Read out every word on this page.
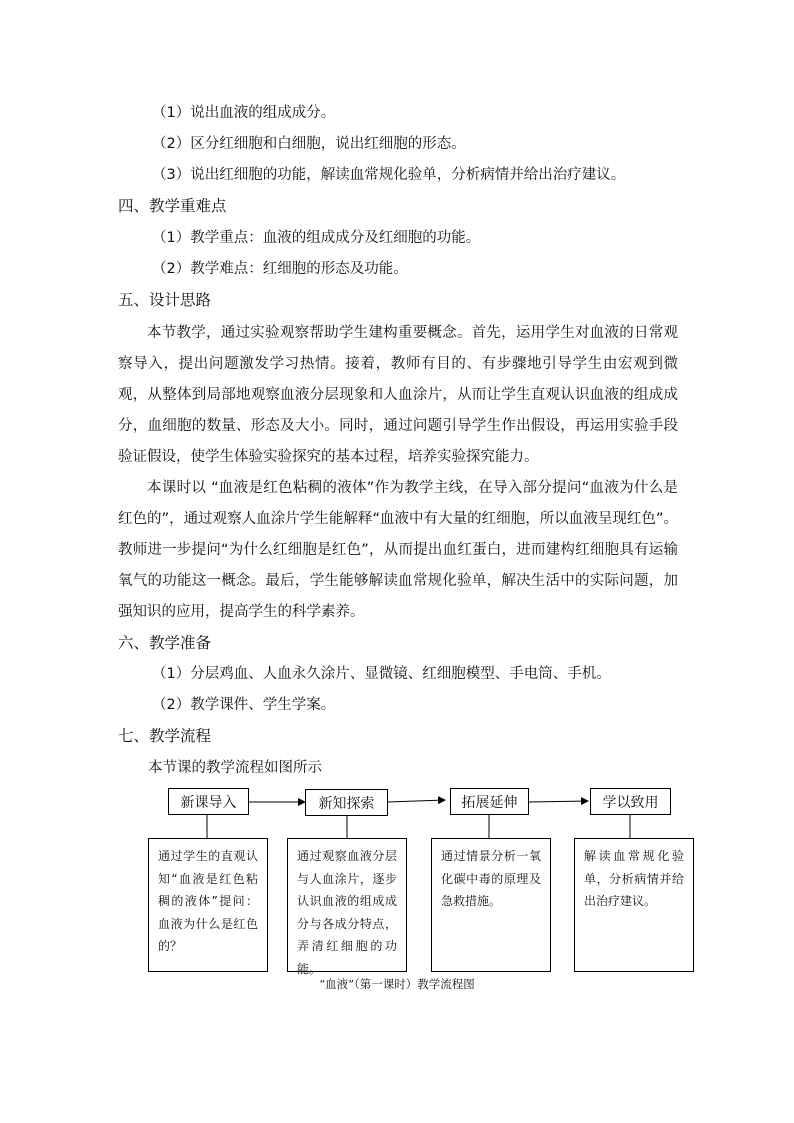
（1）说出血液的组成成分。
（2）区分红细胞和白细胞，说出红细胞的形态。
（3）说出红细胞的功能，解读血常规化验单，分析病情并给出治疗建议。
四、教学重难点
（1）教学重点：血液的组成成分及红细胞的功能。
（2）教学难点：红细胞的形态及功能。
五、设计思路
本节教学，通过实验观察帮助学生建构重要概念。首先，运用学生对血液的日常观察导入，提出问题激发学习热情。接着，教师有目的、有步骤地引导学生由宏观到微观，从整体到局部地观察血液分层现象和人血涂片，从而让学生直观认识血液的组成成分，血细胞的数量、形态及大小。同时，通过问题引导学生作出假设，再运用实验手段验证假设，使学生体验实验探究的基本过程，培养实验探究能力。
本课时以 “血液是红色粘稠的液体”作为教学主线，在导入部分提问“血液为什么是红色的”，通过观察人血涂片学生能解释“血液中有大量的红细胞，所以血液呈现红色”。教师进一步提问“为什么红细胞是红色”，从而提出血红蛋白，进而建构红细胞具有运输氧气的功能这一概念。最后，学生能够解读血常规化验单，解决生活中的实际问题，加强知识的应用，提高学生的科学素养。
六、教学准备
（1）分层鸡血、人血永久涂片、显微镜、红细胞模型、手电筒、手机。
（2）教学课件、学生学案。
七、教学流程
本节课的教学流程如图所示
新课导入	新知探索	拓展延伸	学以致用
通过学生的直观认知“血液是红色粘稠的液体”提问：血液为什么是红色的？
通过观察血液分层与人血涂片，逐步认识血液的组成成分与各成分特点，弄清红细胞的功能。
通过情景分析一氧化碳中毒的原理及急救措施。
解读血常规化验单，分析病情并给出治疗建议。
“血液”（第一课时）教学流程图
